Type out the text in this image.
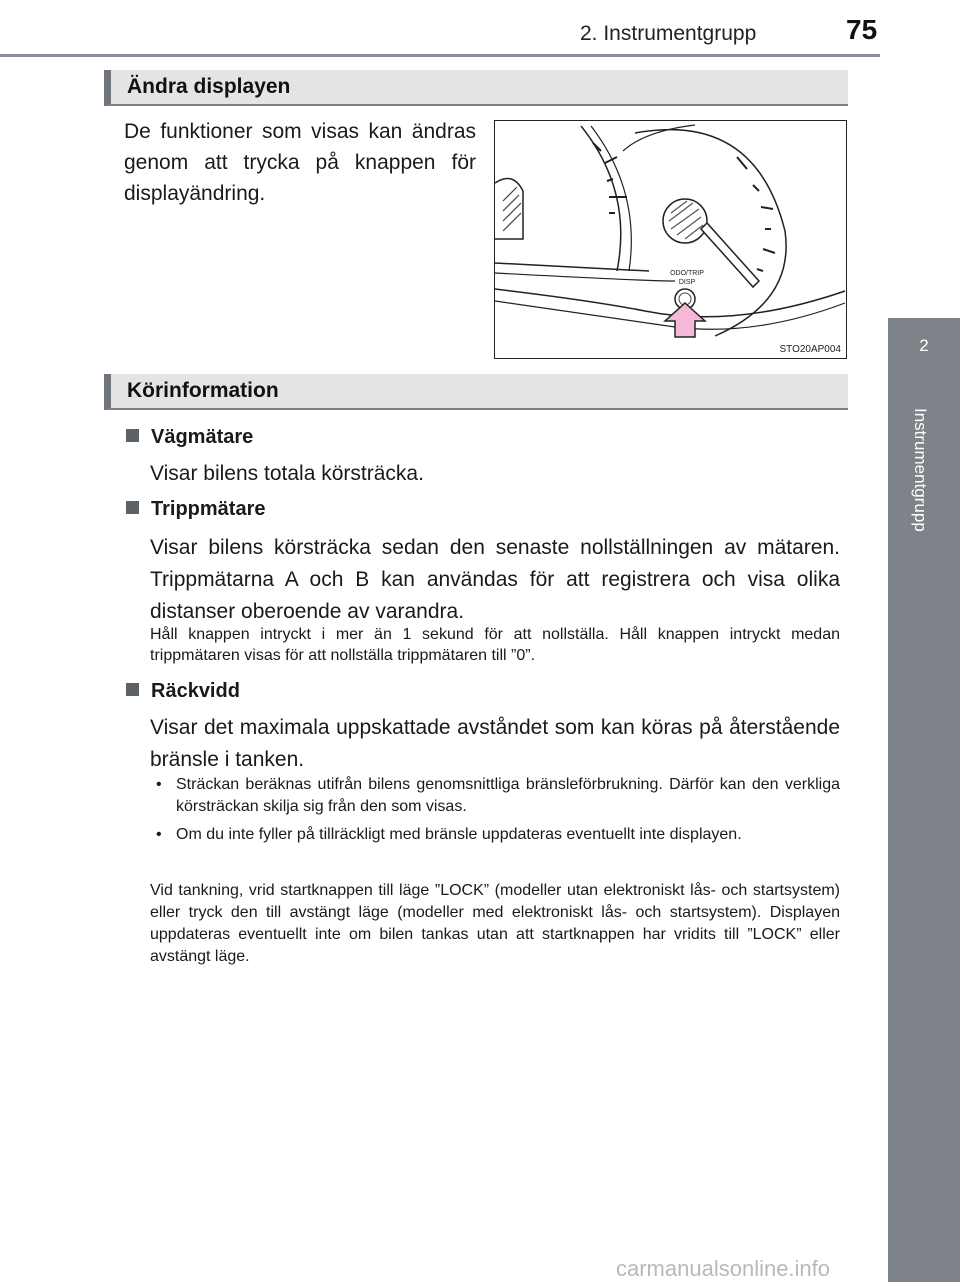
2. Instrumentgrupp	75
2
Instrumentgrupp
Ändra displayen
De funktioner som visas kan ändras genom att trycka på knappen för displayändring.
ODO/TRIP
DISP
STO20AP004
Körinformation
Vägmätare
Visar bilens totala körsträcka.
Trippmätare
Visar bilens körsträcka sedan den senaste nollställningen av mätaren. Trippmätarna A och B kan användas för att registrera och visa olika distanser oberoende av varandra.
Håll knappen intryckt i mer än 1 sekund för att nollställa. Håll knappen intryckt medan trippmätaren visas för att nollställa trippmätaren till ”0”.
Räckvidd
Visar det maximala uppskattade avståndet som kan köras på återstående bränsle i tanken.
• Sträckan beräknas utifrån bilens genomsnittliga bränsleförbrukning. Därför kan den verkliga körsträckan skilja sig från den som visas.
• Om du inte fyller på tillräckligt med bränsle uppdateras eventuellt inte displayen.
Vid tankning, vrid startknappen till läge ”LOCK” (modeller utan elektroniskt lås- och startsystem) eller tryck den till avstängt läge (modeller med elektroniskt lås- och startsystem). Displayen uppdateras eventuellt inte om bilen tankas utan att startknappen har vridits till ”LOCK” eller avstängt läge.
carmanualsonline.info
